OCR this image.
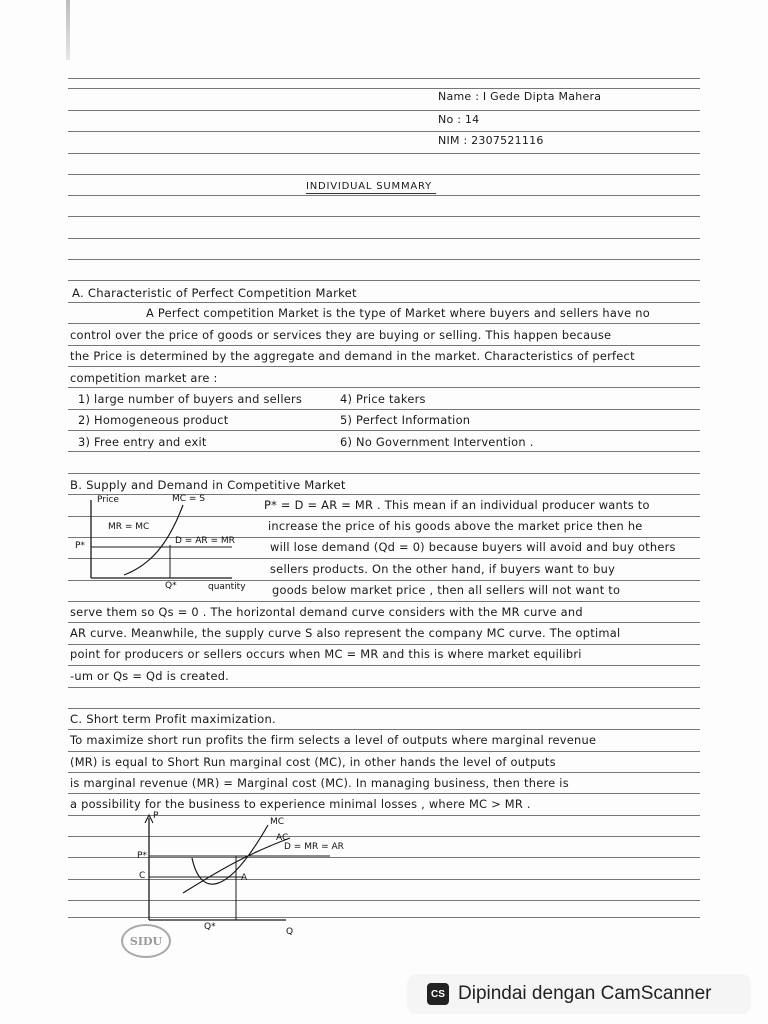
Name : I Gede Dipta Mahera
No : 14
NIM : 2307521116
INDIVIDUAL SUMMARY
A. Characteristic of Perfect Competition Market
A Perfect competition Market is the type of Market where buyers and sellers have no
control over the price of goods or services they are buying or selling. This happen because
the Price is determined by the aggregate and demand in the market. Characteristics of perfect
competition market are :
1) large number of buyers and sellers
2) Homogeneous product
3) Free entry and exit
4) Price takers
5) Perfect Information
6) No Government Intervention .
B. Supply and Demand in Competitive Market
Price	MC = S
MR = MC
P*	D = AR = MR
Q*	quantity
P* = D = AR = MR . This mean if an individual producer wants to
increase the price of his goods above the market price then he
will lose demand (Qd = 0) because buyers will avoid and buy others
sellers products. On the other hand, if buyers want to buy
goods below market price , then all sellers will not want to
serve them so Qs = 0 . The horizontal demand curve considers with the MR curve and
AR curve. Meanwhile, the supply curve S also represent the company MC curve. The optimal
point for producers or sellers occurs when MC = MR and this is where market equilibri
-um or Qs = Qd is created.
C. Short term Profit maximization.
To maximize short run profits the firm selects a level of outputs where marginal revenue
(MR) is equal to Short Run marginal cost (MC), in other hands the level of outputs
is marginal revenue (MR) = Marginal cost (MC). In managing business, then there is
a possibility for the business to experience minimal losses , where MC > MR .
P
MC
AC
D = MR = AR
P*
C	A
Q*	Q
SIDU
CS Dipindai dengan CamScanner
